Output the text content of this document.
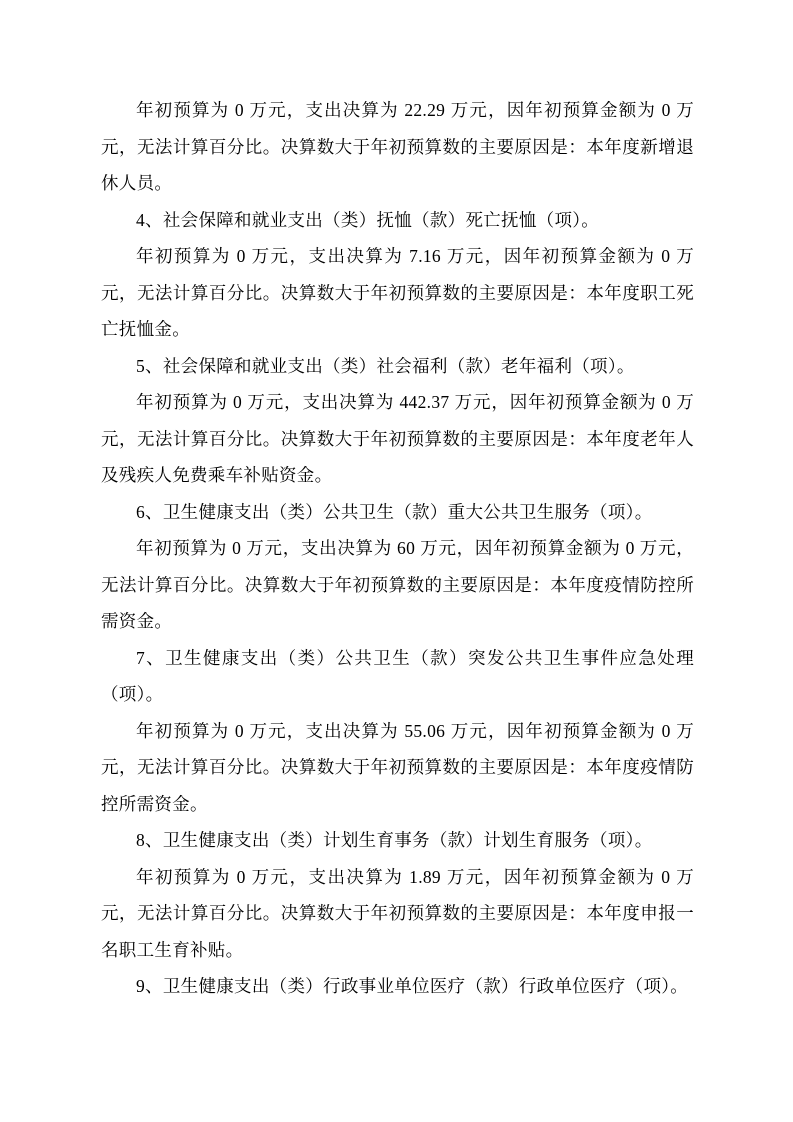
年初预算为 0 万元，支出决算为 22.29 万元，因年初预算金额为 0 万元，无法计算百分比。决算数大于年初预算数的主要原因是：本年度新增退休人员。

4、社会保障和就业支出（类）抚恤（款）死亡抚恤（项）。

年初预算为 0 万元，支出决算为 7.16 万元，因年初预算金额为 0 万元，无法计算百分比。决算数大于年初预算数的主要原因是：本年度职工死亡抚恤金。

5、社会保障和就业支出（类）社会福利（款）老年福利（项）。

年初预算为 0 万元，支出决算为 442.37 万元，因年初预算金额为 0 万元，无法计算百分比。决算数大于年初预算数的主要原因是：本年度老年人及残疾人免费乘车补贴资金。

6、卫生健康支出（类）公共卫生（款）重大公共卫生服务（项）。

年初预算为 0 万元，支出决算为 60 万元，因年初预算金额为 0 万元，无法计算百分比。决算数大于年初预算数的主要原因是：本年度疫情防控所需资金。

7、卫生健康支出（类）公共卫生（款）突发公共卫生事件应急处理（项）。

年初预算为 0 万元，支出决算为 55.06 万元，因年初预算金额为 0 万元，无法计算百分比。决算数大于年初预算数的主要原因是：本年度疫情防控所需资金。

8、卫生健康支出（类）计划生育事务（款）计划生育服务（项）。

年初预算为 0 万元，支出决算为 1.89 万元，因年初预算金额为 0 万元，无法计算百分比。决算数大于年初预算数的主要原因是：本年度申报一名职工生育补贴。

9、卫生健康支出（类）行政事业单位医疗（款）行政单位医疗（项）。
